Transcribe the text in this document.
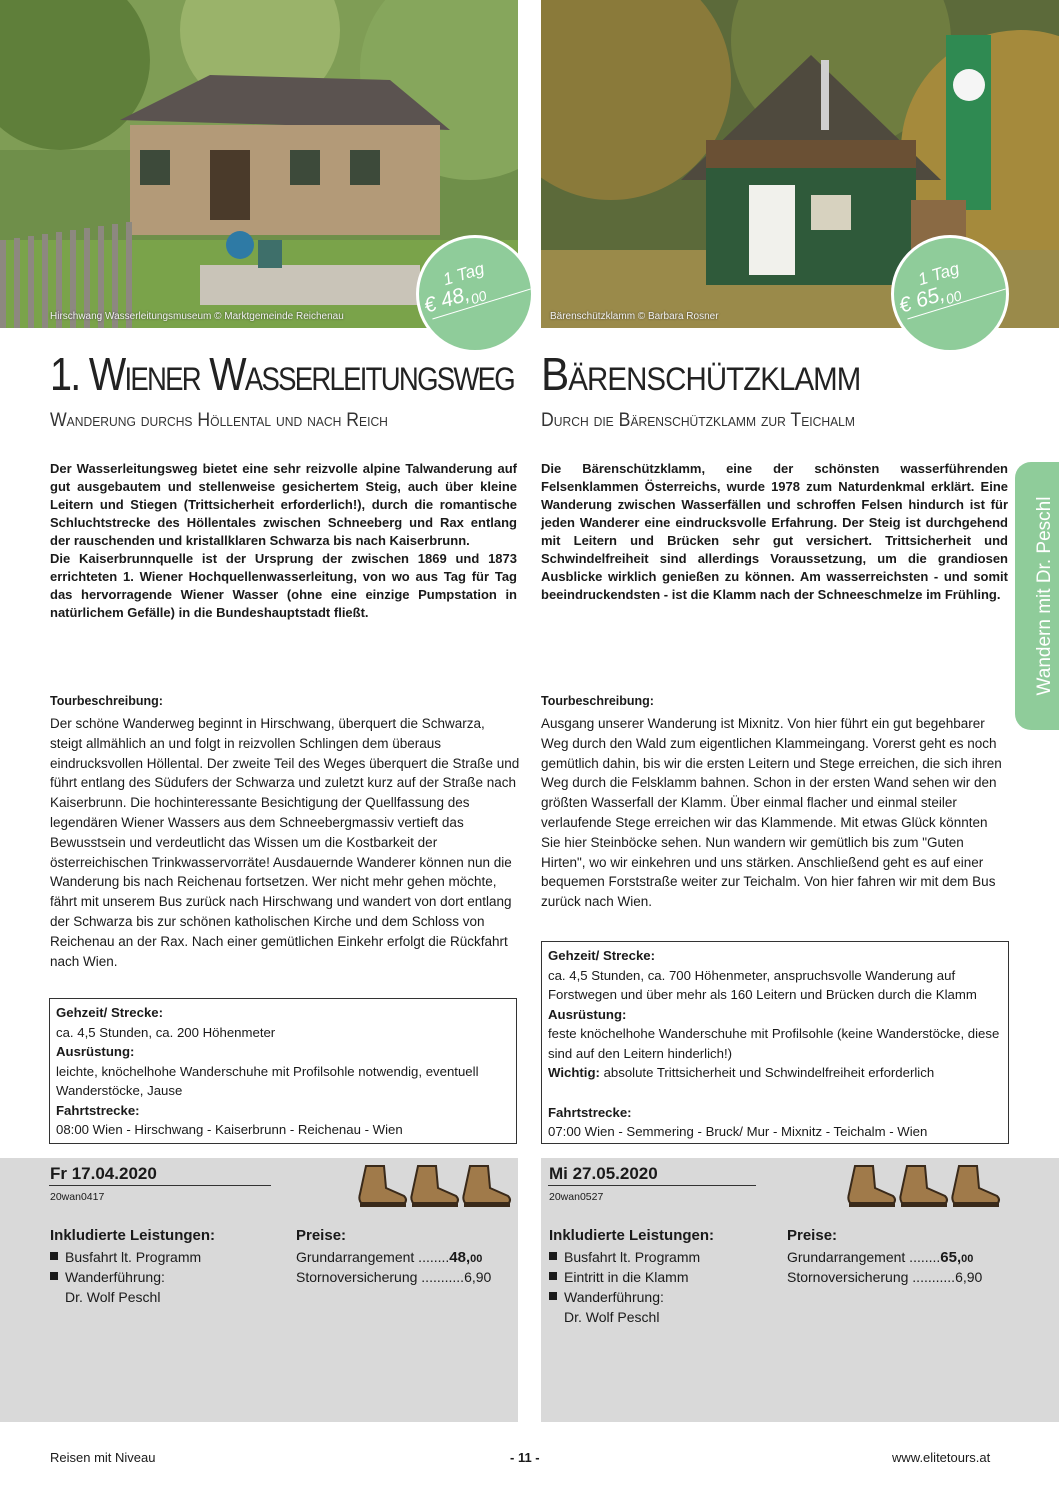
Hirschwang Wasserleitungsmuseum © Marktgemeinde Reichenau
1 Tag
€ $48,_{00}$
1. Wiener Wasserleitungsweg
Wanderung durchs Höllental und nach Reich

Der Wasserleitungsweg bietet eine sehr reizvolle alpine Talwanderung auf gut ausgebautem und stellenweise gesichertem Steig, auch über kleine Leitern und Stiegen (Trittsicherheit erforderlich!), durch die romantische Schluchtstrecke des Höllentales zwischen Schneeberg und Rax entlang der rauschenden und kristallklaren Schwarza bis nach Kaiserbrunn.

Die Kaiserbrunnquelle ist der Ursprung der zwischen 1869 und 1873 errichteten 1. Wiener Hochquellenwasserleitung, von wo aus Tag für Tag das hervorragende Wiener Wasser (ohne eine einzige Pumpstation in natürlichem Gefälle) in die Bundeshauptstadt fließt.

Tourbeschreibung:
Der schöne Wanderweg beginnt in Hirschwang, überquert die Schwarza, steigt allmählich an und folgt in reizvollen Schlingen dem überaus eindrucksvollen Höllental. Der zweite Teil des Weges überquert die Straße und führt entlang des Südufers der Schwarza und zuletzt kurz auf der Straße nach Kaiserbrunn. Die hochinteressante Besichtigung der Quellfassung des legendären Wiener Wassers aus dem Schneebergmassiv vertieft das Bewusstsein und verdeutlicht das Wissen um die Kostbarkeit der österreichischen Trinkwasservorräte! Ausdauernde Wanderer können nun die Wanderung bis nach Reichenau fortsetzen. Wer nicht mehr gehen möchte, fährt mit unserem Bus zurück nach Hirschwang und wandert von dort entlang der Schwarza bis zur schönen katholischen Kirche und dem Schloss von Reichenau an der Rax. Nach einer gemütlichen Einkehr erfolgt die Rückfahrt nach Wien.
Gehzeit/ Strecke:
ca. 4,5 Stunden, ca. 200 Höhenmeter
Ausrüstung:
leichte, knöchelhohe Wanderschuhe mit Profilsohle notwendig, eventuell Wanderstöcke, Jause
Fahrtstrecke:
08:00 Wien - Hirschwang - Kaiserbrunn - Reichenau - Wien
Fr 17.04.2020
20wan0417
Inkludierte Leistungen:
Busfahrt lt. Programm
Wanderführung:
Dr. Wolf Peschl
Preise:
Grundarrangement ........48,00
Stornoversicherung ...........6,90
Bärenschützklamm © Barbara Rosner
1 Tag
€ $65,_{00}$
Bärenschützklamm
Durch die Bärenschützklamm zur Teichalm

Die Bärenschützklamm, eine der schönsten wasserführenden Felsenklammen Österreichs, wurde 1978 zum Naturdenkmal erklärt. Eine Wanderung zwischen Wasserfällen und schroffen Felsen hindurch ist für jeden Wanderer eine eindrucksvolle Erfahrung. Der Steig ist durchgehend mit Leitern und Brücken sehr gut versichert. Trittsicherheit und Schwindelfreiheit sind allerdings Voraussetzung, um die grandiosen Ausblicke wirklich genießen zu können. Am wasserreichsten - und somit beeindruckendsten - ist die Klamm nach der Schneeschmelze im Frühling.

Tourbeschreibung:
Ausgang unserer Wanderung ist Mixnitz. Von hier führt ein gut begehbarer Weg durch den Wald zum eigentlichen Klammeingang. Vorerst geht es noch gemütlich dahin, bis wir die ersten Leitern und Stege erreichen, die sich ihren Weg durch die Felsklamm bahnen. Schon in der ersten Wand sehen wir den größten Wasserfall der Klamm. Über einmal flacher und einmal steiler verlaufende Stege erreichen wir das Klammende. Mit etwas Glück könnten Sie hier Steinböcke sehen. Nun wandern wir gemütlich bis zum "Guten Hirten", wo wir einkehren und uns stärken. Anschließend geht es auf einer bequemen Forststraße weiter zur Teichalm. Von hier fahren wir mit dem Bus zurück nach Wien.
Gehzeit/ Strecke:
ca. 4,5 Stunden, ca. 700 Höhenmeter, anspruchsvolle Wanderung auf Forstwegen und über mehr als 160 Leitern und Brücken durch die Klamm
Ausrüstung:
feste knöchelhohe Wanderschuhe mit Profilsohle (keine Wanderstöcke, diese sind auf den Leitern hinderlich!)
Wichtig: absolute Trittsicherheit und Schwindelfreiheit erforderlich
Fahrtstrecke:
07:00 Wien - Semmering - Bruck/ Mur - Mixnitz - Teichalm - Wien
Mi 27.05.2020
20wan0527
Inkludierte Leistungen:
Busfahrt lt. Programm
Eintritt in die Klamm
Wanderführung:
Dr. Wolf Peschl
Preise:
Grundarrangement ........65,00
Stornoversicherung ...........6,90
Wandern mit Dr. Peschl
Reisen mit Niveau	- 11 -	www.elitetours.at
